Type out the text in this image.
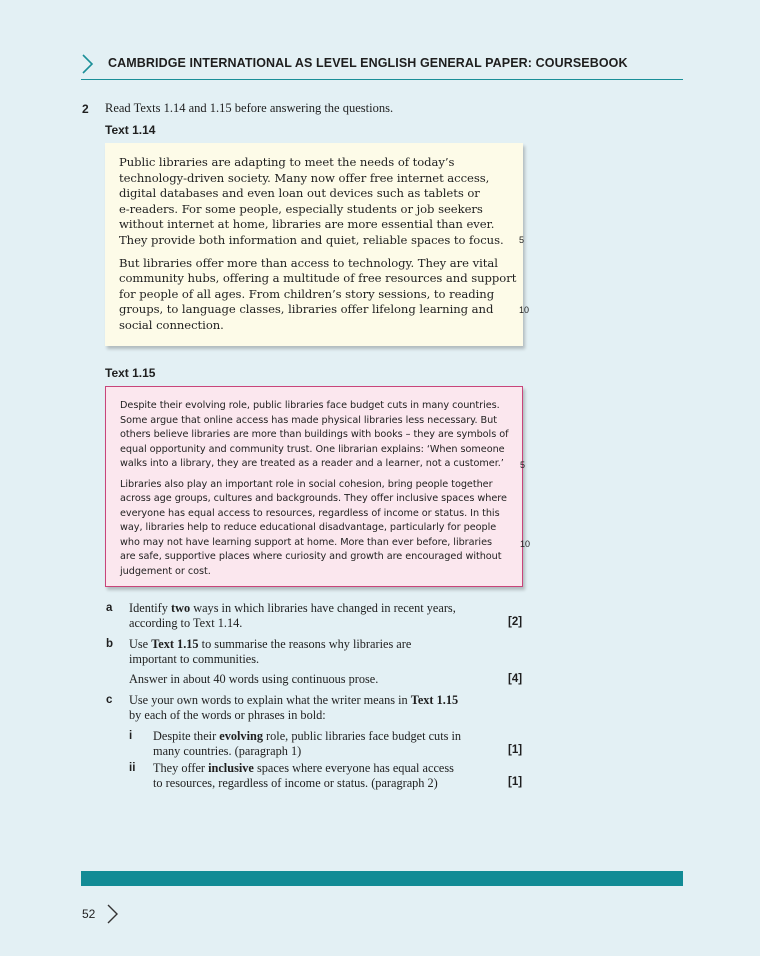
CAMBRIDGE INTERNATIONAL AS LEVEL ENGLISH GENERAL PAPER: COURSEBOOK
2 Read Texts 1.14 and 1.15 before answering the questions.
Text 1.14
Public libraries are adapting to meet the needs of today’s
technology-driven society. Many now offer free internet access,
digital databases and even loan out devices such as tablets or
e-readers. For some people, especially students or job seekers
without internet at home, libraries are more essential than ever.
They provide both information and quiet, reliable spaces to focus. 5
But libraries offer more than access to technology. They are vital
community hubs, offering a multitude of free resources and support
for people of all ages. From children’s story sessions, to reading
groups, to language classes, libraries offer lifelong learning and
social connection.
10
Text 1.15
Despite their evolving role, public libraries face budget cuts in many countries.
Some argue that online access has made physical libraries less necessary. But
others believe libraries are more than buildings with books – they are symbols of
equal opportunity and community trust. One librarian explains: ‘When someone
walks into a library, they are treated as a reader and a learner, not a customer.’ 5
Libraries also play an important role in social cohesion, bring people together
across age groups, cultures and backgrounds. They offer inclusive spaces where
everyone has equal access to resources, regardless of income or status. In this
way, libraries help to reduce educational disadvantage, particularly for people
who may not have learning support at home. More than ever before, libraries
are safe, supportive places where curiosity and growth are encouraged without
judgement or cost.
10
a Identify two ways in which libraries have changed in recent years,
according to Text 1.14.	[2]
b Use Text 1.15 to summarise the reasons why libraries are
important to communities.
Answer in about 40 words using continuous prose.	[4]
c Use your own words to explain what the writer means in Text 1.15
by each of the words or phrases in bold:
i Despite their evolving role, public libraries face budget cuts in
many countries. (paragraph 1)	[1]
ii They offer inclusive spaces where everyone has equal access
to resources, regardless of income or status. (paragraph 2)	[1]
52
